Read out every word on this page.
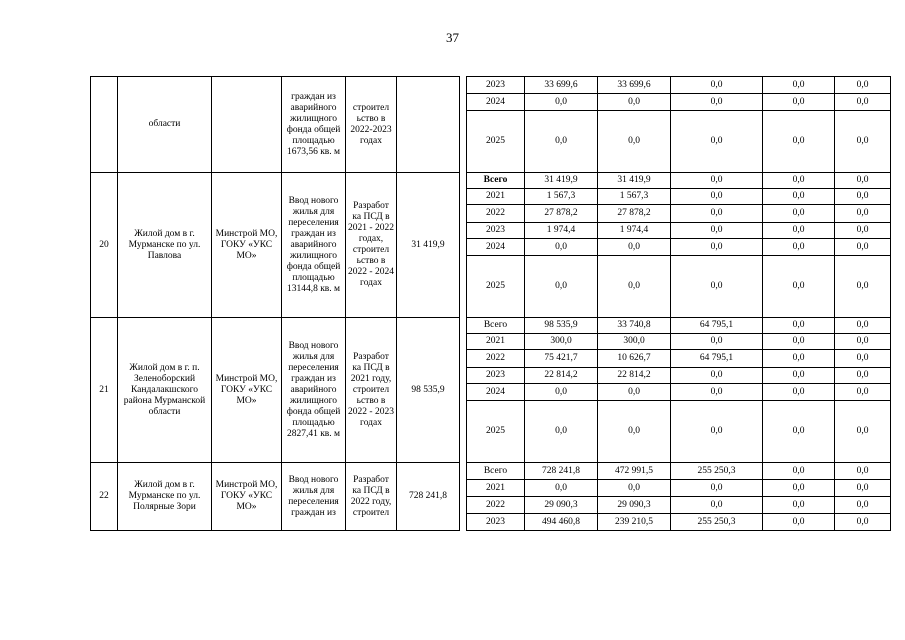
37
	области		граждан из аварийного жилищного фонда общей площадью 1673,56 кв. м	строител ьство в 2022-2023 годах			2023	33 699,6	33 699,6	0,0	0,0	0,0
							2024	0,0	0,0	0,0	0,0	0,0
							2025	0,0	0,0	0,0	0,0	0,0
20	Жилой дом в г. Мурманске по ул. Павлова	Минстрой МО, ГОКУ «УКС МО»	Ввод нового жилья для переселения граждан из аварийного жилищного фонда общей площадью 13144,8 кв. м	Разработ ка ПСД в 2021 - 2022 годах, строител ьство в 2022 - 2024 годах	31 419,9		Всего	31 419,9	31 419,9	0,0	0,0	0,0
							2021	1 567,3	1 567,3	0,0	0,0	0,0
							2022	27 878,2	27 878,2	0,0	0,0	0,0
							2023	1 974,4	1 974,4	0,0	0,0	0,0
							2024	0,0	0,0	0,0	0,0	0,0
							2025	0,0	0,0	0,0	0,0	0,0
21	Жилой дом в г. п. Зеленоборский Кандалакшского района Мурманской области	Минстрой МО, ГОКУ «УКС МО»	Ввод нового жилья для переселения граждан из аварийного жилищного фонда общей площадью 2827,41 кв. м	Разработ ка ПСД в 2021 году, строител ьство в 2022 - 2023 годах	98 535,9		Всего	98 535,9	33 740,8	64 795,1	0,0	0,0
							2021	300,0	300,0	0,0	0,0	0,0
							2022	75 421,7	10 626,7	64 795,1	0,0	0,0
							2023	22 814,2	22 814,2	0,0	0,0	0,0
							2024	0,0	0,0	0,0	0,0	0,0
							2025	0,0	0,0	0,0	0,0	0,0
22	Жилой дом в г. Мурманске по ул. Полярные Зори	Минстрой МО, ГОКУ «УКС МО»	Ввод нового жилья для переселения граждан из	Разработ ка ПСД в 2022 году, строител	728 241,8		Всего	728 241,8	472 991,5	255 250,3	0,0	0,0
							2021	0,0	0,0	0,0	0,0	0,0
							2022	29 090,3	29 090,3	0,0	0,0	0,0
							2023	494 460,8	239 210,5	255 250,3	0,0	0,0
